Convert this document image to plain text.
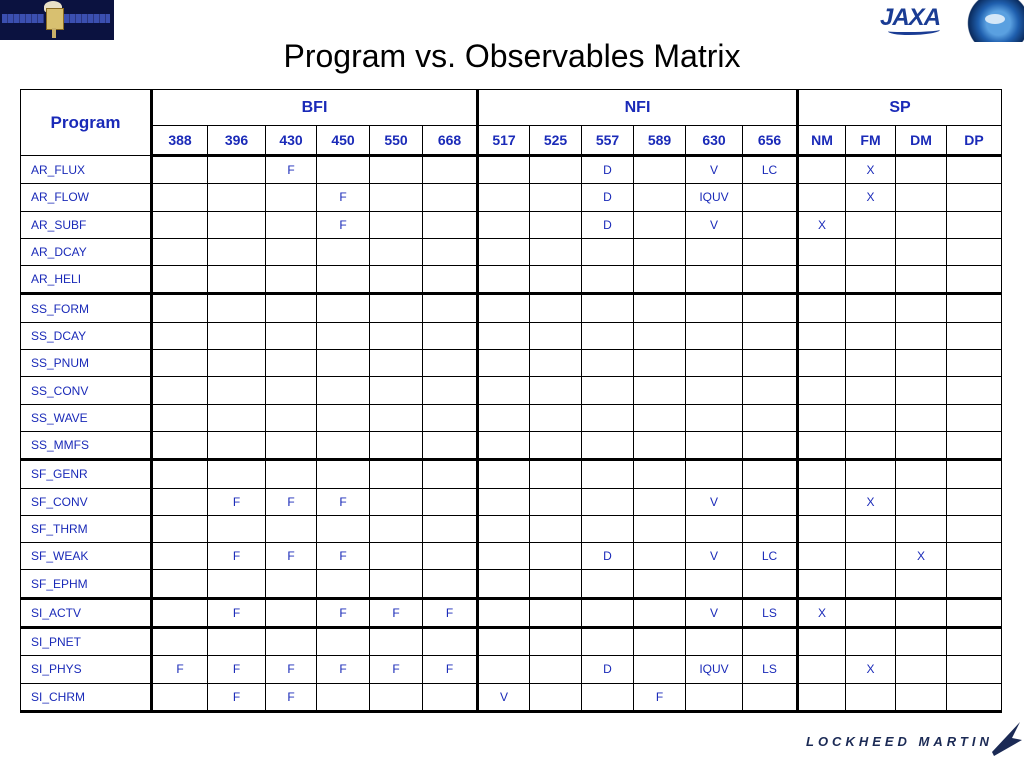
JAXA
Program vs. Observables Matrix
Program	BFI						NFI						SP			
	388	396	430	450	550	668	517	525	557	589	630	656	NM	FM	DM	DP
AR_FLUX			F						D		V	LC		X		
AR_FLOW				F					D		IQUV			X		
AR_SUBF				F					D		V		X			
AR_DCAY																
AR_HELI																
SS_FORM																
SS_DCAY																
SS_PNUM																
SS_CONV																
SS_WAVE																
SS_MMFS																
SF_GENR																
SF_CONV		F	F	F							V			X		
SF_THRM																
SF_WEAK		F	F	F					D		V	LC			X	
SF_EPHM																
SI_ACTV		F		F	F	F					V	LS	X			
SI_PNET																
SI_PHYS	F	F	F	F	F	F			D		IQUV	LS		X		
SI_CHRM		F	F				V			F						
LOCKHEED MARTIN
